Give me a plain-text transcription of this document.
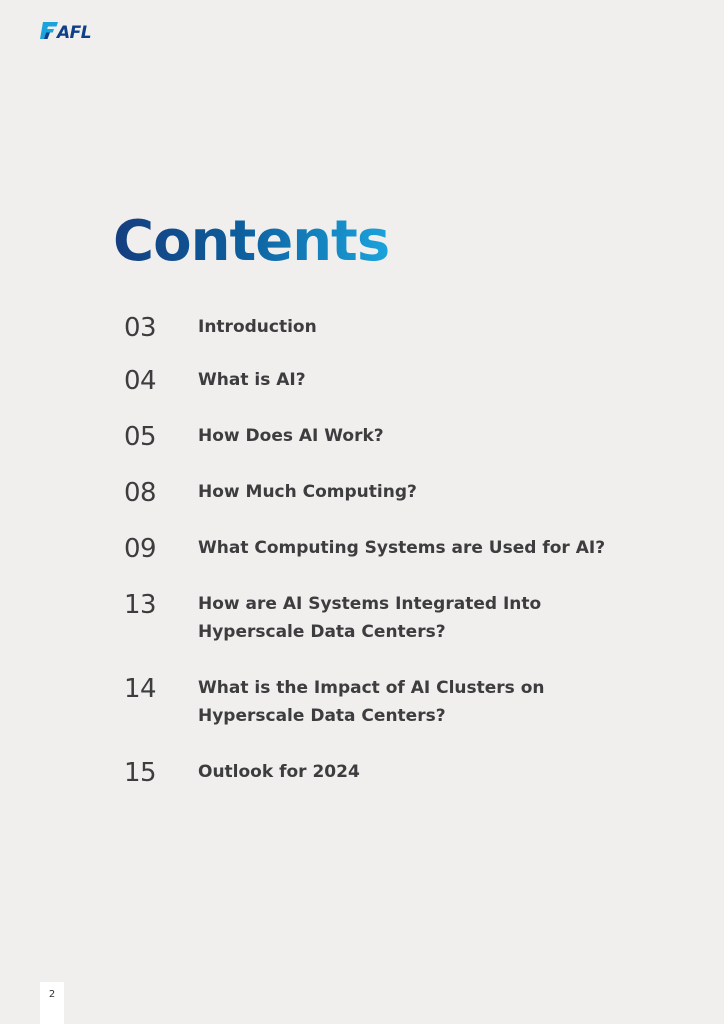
AFL
Contents
03 Introduction
04 What is AI?
05 How Does AI Work?
08 How Much Computing?
09 What Computing Systems are Used for AI?
13 How are AI Systems Integrated Into Hyperscale Data Centers?
14 What is the Impact of AI Clusters on Hyperscale Data Centers?
15 Outlook for 2024
2
